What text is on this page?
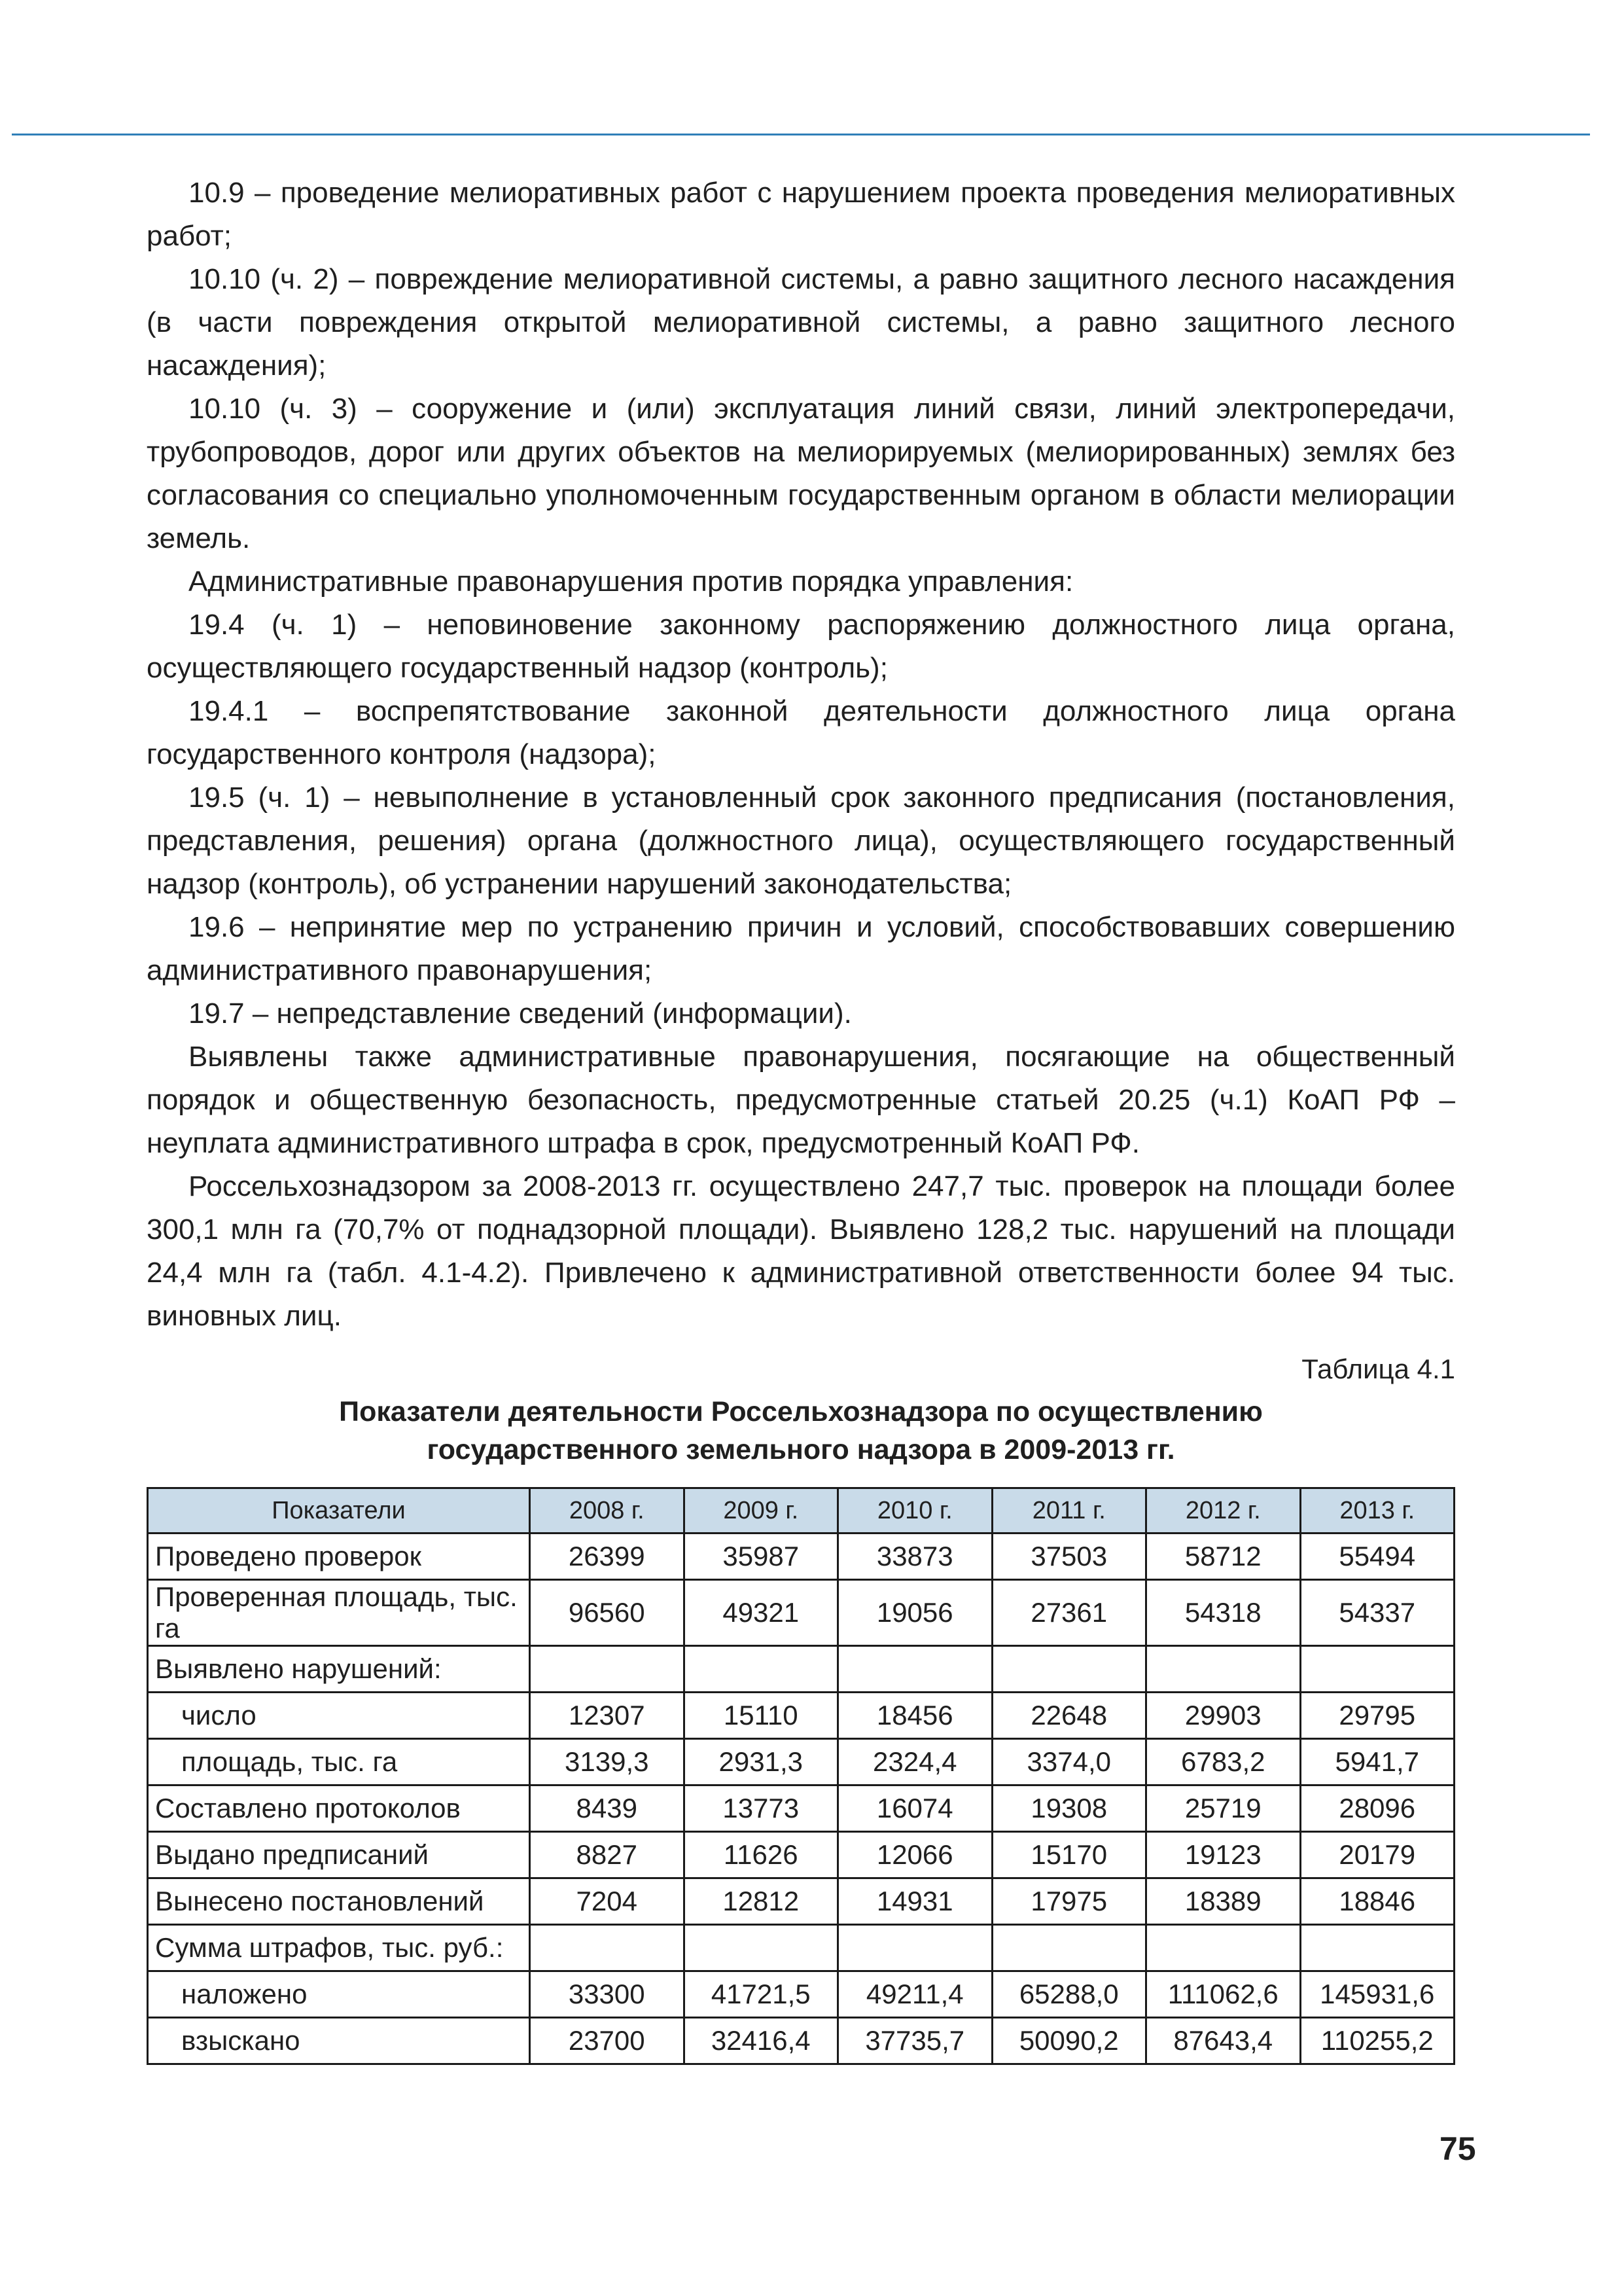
10.9 – проведение мелиоративных работ с нарушением проекта проведения мелиоративных работ;

10.10 (ч. 2) – повреждение мелиоративной системы, а равно защитного лесного насаждения (в части повреждения открытой мелиоративной системы, а равно защитного лесного насаждения);

10.10 (ч. 3) – сооружение и (или) эксплуатация линий связи, линий электропередачи, трубопроводов, дорог или других объектов на мелиорируемых (мелиорированных) землях без согласования со специально уполномоченным государственным органом в области мелиорации земель.

Административные правонарушения против порядка управления:

19.4 (ч. 1) – неповиновение законному распоряжению должностного лица органа, осуществляющего государственный надзор (контроль);

19.4.1 – воспрепятствование законной деятельности должностного лица органа государственного контроля (надзора);

19.5 (ч. 1) – невыполнение в установленный срок законного предписания (постановления, представления, решения) органа (должностного лица), осуществляющего государственный надзор (контроль), об устранении нарушений законодательства;

19.6 – непринятие мер по устранению причин и условий, способствовавших совершению административного правонарушения;

19.7 – непредставление сведений (информации).

Выявлены также административные правонарушения, посягающие на общественный порядок и общественную безопасность, предусмотренные статьей 20.25 (ч.1) КоАП РФ – неуплата административного штрафа в срок, предусмотренный КоАП РФ.

Россельхознадзором за 2008-2013 гг. осуществлено 247,7 тыс. проверок на площади более 300,1 млн га (70,7% от поднадзорной площади). Выявлено 128,2 тыс. нарушений на площади 24,4 млн га (табл. 4.1-4.2). Привлечено к административной ответственности более 94 тыс. виновных лиц.

Таблица 4.1
Показатели деятельности Россельхознадзора по осуществлению
государственного земельного надзора в 2009-2013 гг.
Показатели	2008 г.	2009 г.	2010 г.	2011 г.	2012 г.	2013 г.
Проведено проверок	26399	35987	33873	37503	58712	55494
Проверенная площадь, тыс. га	96560	49321	19056	27361	54318	54337
Выявлено нарушений:						
число	12307	15110	18456	22648	29903	29795
площадь, тыс. га	3139,3	2931,3	2324,4	3374,0	6783,2	5941,7
Составлено протоколов	8439	13773	16074	19308	25719	28096
Выдано предписаний	8827	11626	12066	15170	19123	20179
Вынесено постановлений	7204	12812	14931	17975	18389	18846
Сумма штрафов, тыс. руб.:						
наложено	33300	41721,5	49211,4	65288,0	111062,6	145931,6
взыскано	23700	32416,4	37735,7	50090,2	87643,4	110255,2
75
